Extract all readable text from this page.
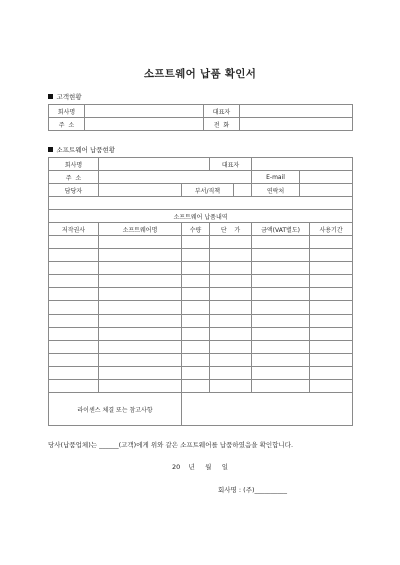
소프트웨어 납품 확인서
고객현황
회사명		대표자	
주  소		전  화	
소프트웨어 납품현황
회사명			대표자				
주  소					E-mail		
담당자		부서/직책			연락처		

소프트웨어 납품내역							
저작권사	소프트웨어명	수량	단    가		금액(VAT별도)		사용기간

라이센스 체결 또는 참고사항							
당사(납품업체)는 ______(고객)에게 위와 같은 소프트웨어를 납품하였음을 확인합니다.
20    년     월     일
회사명 : (주)__________
